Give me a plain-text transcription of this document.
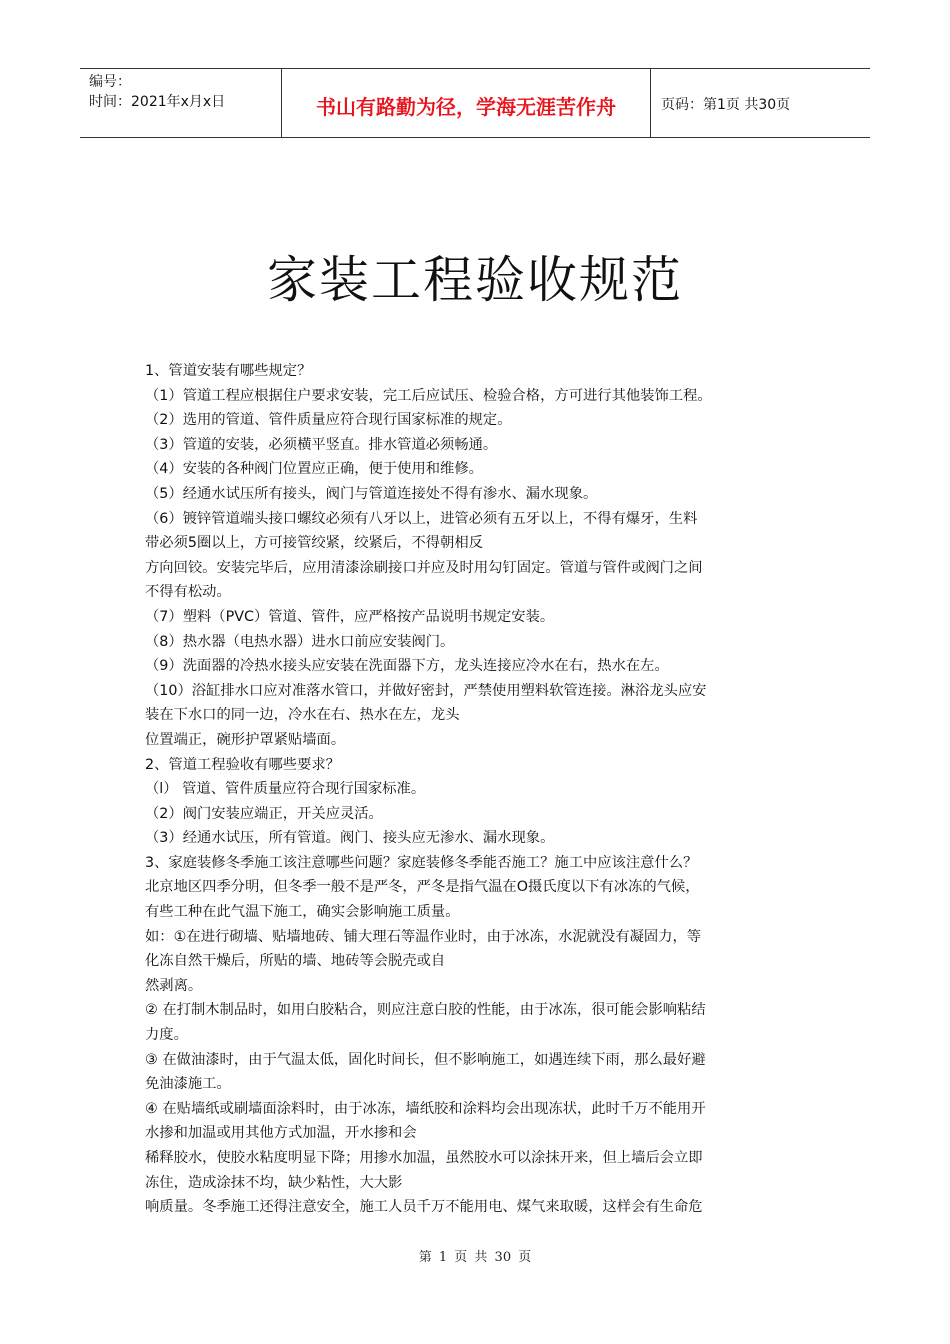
编号：
时间：2021年x月x日	书山有路勤为径，学海无涯苦作舟	页码：第1页 共30页
家装工程验收规范

1、管道安装有哪些规定？

（1）管道工程应根据住户要求安装，完工后应试压、检验合格，方可进行其他装饰工程。

（2）选用的管道、管件质量应符合现行国家标准的规定。

（3）管道的安装，必须横平竖直。排水管道必须畅通。

（4）安装的各种阀门位置应正确，便于使用和维修。

（5）经通水试压所有接头，阀门与管道连接处不得有渗水、漏水现象。

（6）镀锌管道端头接口螺纹必须有八牙以上，进管必须有五牙以上，不得有爆牙，生料

带必须5圈以上，方可接管绞紧，绞紧后，不得朝相反

方向回铰。安装完毕后，应用清漆涂刷接口并应及时用勾钉固定。管道与管件或阀门之间

不得有松动。

（7）塑料（PVC）管道、管件，应严格按产品说明书规定安装。

（8）热水器（电热水器）进水口前应安装阀门。

（9）洗面器的冷热水接头应安装在洗面器下方，龙头连接应冷水在右，热水在左。

（10）浴缸排水口应对准落水管口，并做好密封，严禁使用塑料软管连接。淋浴龙头应安

装在下水口的同一边，冷水在右、热水在左，龙头

位置端正，碗形护罩紧贴墙面。

2、管道工程验收有哪些要求？

（l） 管道、管件质量应符合现行国家标准。

（2）阀门安装应端正，开关应灵活。

（3）经通水试压，所有管道。阀门、接头应无渗水、漏水现象。

3、家庭装修冬季施工该注意哪些问题？家庭装修冬季能否施工？施工中应该注意什么？

北京地区四季分明，但冬季一般不是严冬，严冬是指气温在O摄氏度以下有冰冻的气候，

有些工种在此气温下施工，确实会影响施工质量。

如：①在进行砌墙、贴墙地砖、铺大理石等温作业时，由于冰冻，水泥就没有凝固力，等

化冻自然干燥后，所贴的墙、地砖等会脱壳或自

然剥离。

② 在打制木制品时，如用白胶粘合，则应注意白胶的性能，由于冰冻，很可能会影响粘结

力度。

③ 在做油漆时，由于气温太低，固化时间长，但不影响施工，如遇连续下雨，那么最好避

免油漆施工。

④ 在贴墙纸或刷墙面涂料时，由于冰冻，墙纸胶和涂料均会出现冻状，此时千万不能用开

水掺和加温或用其他方式加温，开水掺和会

稀释胶水，使胶水粘度明显下降；用掺水加温，虽然胶水可以涂抹开来，但上墙后会立即

冻住，造成涂抹不均，缺少粘性，大大影

响质量。冬季施工还得注意安全，施工人员千万不能用电、煤气来取暖，这样会有生命危

第 1 页 共 30 页
